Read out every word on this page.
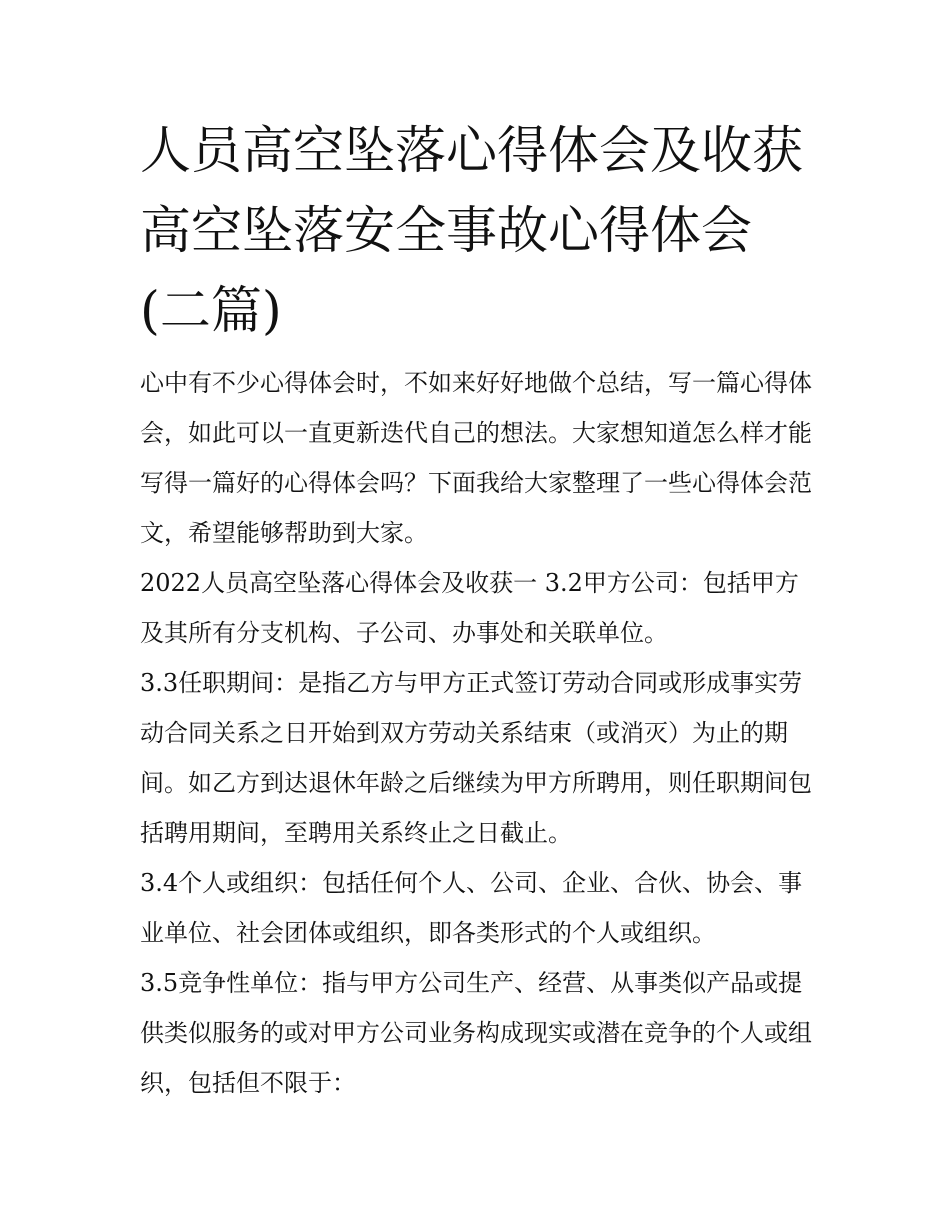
人员高空坠落心得体会及收获高空坠落安全事故心得体会(二篇)

心中有不少心得体会时，不如来好好地做个总结，写一篇心得体会，如此可以一直更新迭代自己的想法。大家想知道怎么样才能写得一篇好的心得体会吗？下面我给大家整理了一些心得体会范文，希望能够帮助到大家。

2022人员高空坠落心得体会及收获一 3.2甲方公司：包括甲方及其所有分支机构、子公司、办事处和关联单位。

3.3任职期间：是指乙方与甲方正式签订劳动合同或形成事实劳动合同关系之日开始到双方劳动关系结束（或消灭）为止的期间。如乙方到达退休年龄之后继续为甲方所聘用，则任职期间包括聘用期间，至聘用关系终止之日截止。

3.4个人或组织：包括任何个人、公司、企业、合伙、协会、事业单位、社会团体或组织，即各类形式的个人或组织。

3.5竞争性单位：指与甲方公司生产、经营、从事类似产品或提供类似服务的或对甲方公司业务构成现实或潜在竞争的个人或组织，包括但不限于：
